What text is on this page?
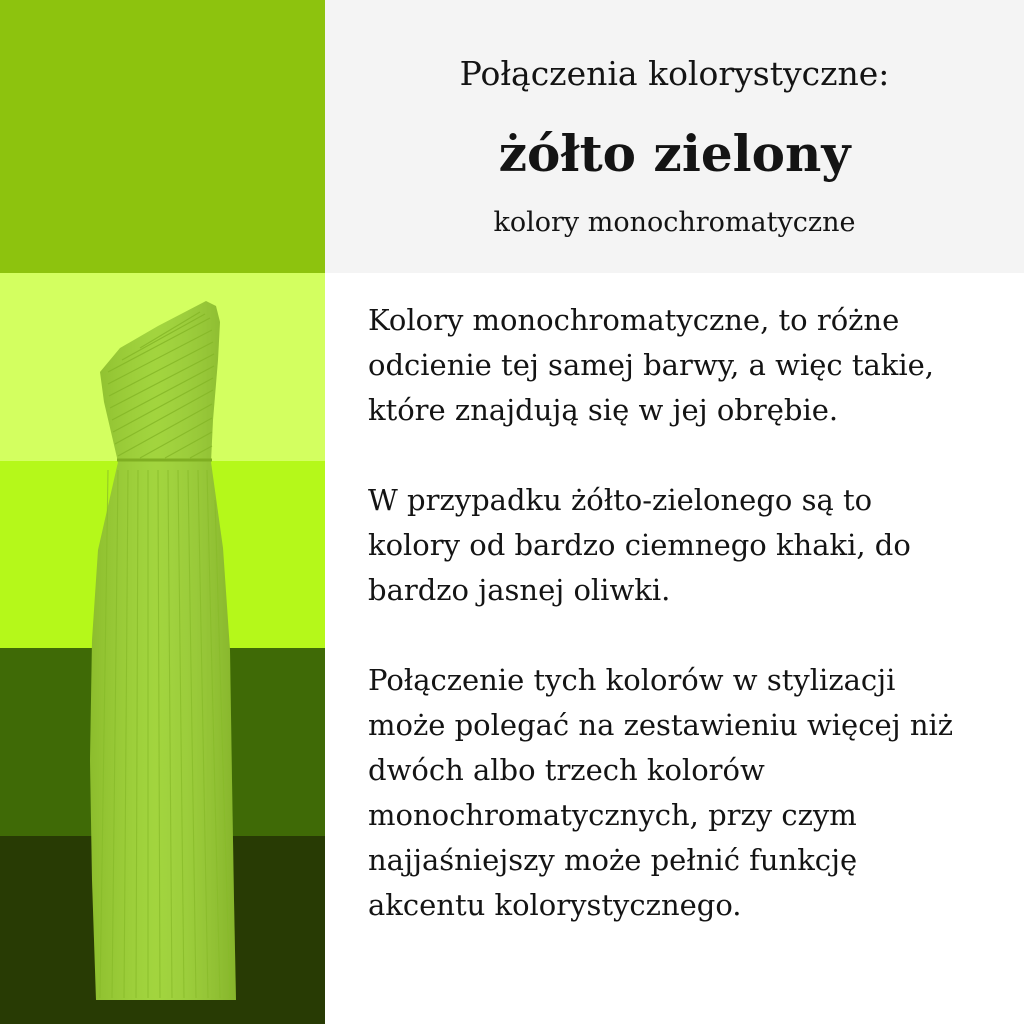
Połączenia kolorystyczne:
żółto zielony
kolory monochromatyczne

Kolory monochromatyczne, to różne
odcienie tej samej barwy, a więc takie,
które znajdują się w jej obrębie.

W przypadku żółto-zielonego są to
kolory od bardzo ciemnego khaki, do
bardzo jasnej oliwki.

Połączenie tych kolorów w stylizacji
może polegać na zestawieniu więcej niż
dwóch albo trzech kolorów
monochromatycznych, przy czym
najjaśniejszy może pełnić funkcję
akcentu kolorystycznego.
